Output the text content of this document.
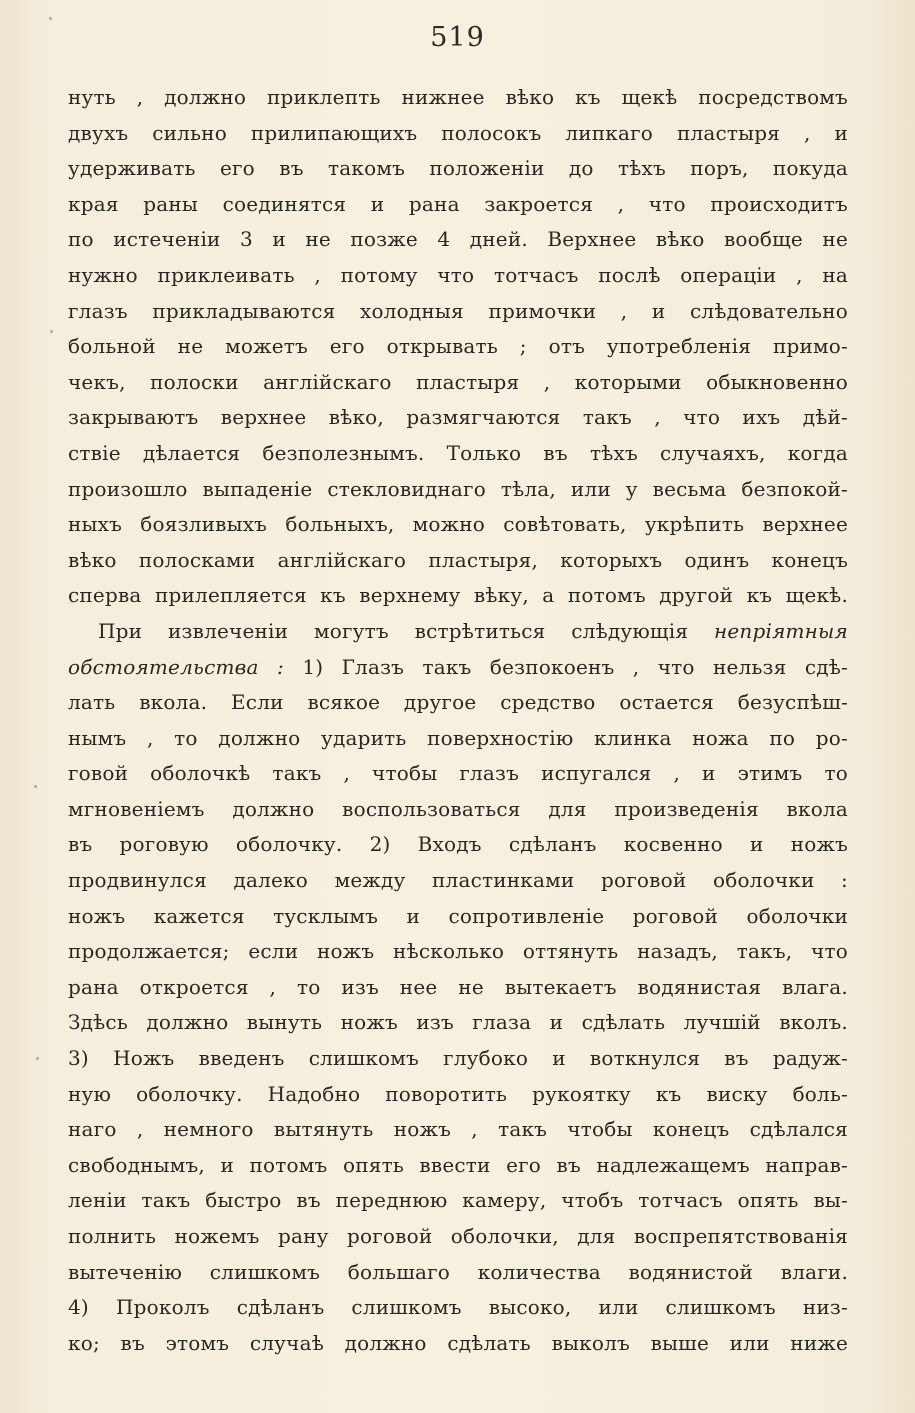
519
нуть , должно приклепть нижнее вѣко къ щекѣ посредствомъ
двухъ сильно прилипающихъ полосокъ липкаго пластыря , и
удерживать его въ такомъ положенiи до тѣхъ поръ, покуда
края раны соединятся и рана закроется , что происходитъ
по истеченiи 3 и не позже 4 дней. Верхнее вѣко вообще не
нужно приклеивать , потому что тотчасъ послѣ операцiи , на
глазъ прикладываются холодныя примочки , и слѣдовательно
больной не можетъ его открывать ; отъ употребленiя примо-
чекъ, полоски англiйскаго пластыря , которыми обыкновенно
закрываютъ верхнее вѣко, размягчаются такъ , что ихъ дѣй-
ствiе дѣлается безполезнымъ. Только въ тѣхъ случаяхъ, когда
произошло выпаденiе стекловиднаго тѣла, или у весьма безпокой-
ныхъ боязливыхъ больныхъ, можно совѣтовать, укрѣпить верхнее
вѣко полосками англiйскаго пластыря, которыхъ одинъ конецъ
сперва прилепляется къ верхнему вѣку, а потомъ другой къ щекѣ.
При извлеченiи могутъ встрѣтиться слѣдующiя непрiятныя
обстоятельства : 1) Глазъ такъ безпокоенъ , что нельзя сдѣ-
лать вкола. Если всякое другое средство остается безуспѣш-
нымъ , то должно ударить поверхностiю клинка ножа по ро-
говой оболочкѣ такъ , чтобы глазъ испугался , и этимъ то
мгновенiемъ должно воспользоваться для произведенiя вкола
въ роговую оболочку. 2) Входъ сдѣланъ косвенно и ножъ
продвинулся далеко между пластинками роговой оболочки :
ножъ кажется тусклымъ и сопротивленiе роговой оболочки
продолжается; если ножъ нѣсколько оттянуть назадъ, такъ, что
рана откроется , то изъ нее не вытекаетъ водянистая влага.
Здѣсь должно вынуть ножъ изъ глаза и сдѣлать лучшiй вколъ.
3) Ножъ введенъ слишкомъ глубоко и воткнулся въ радуж-
ную оболочку. Надобно поворотить рукоятку къ виску боль-
наго , немного вытянуть ножъ , такъ чтобы конецъ сдѣлался
свободнымъ, и потомъ опять ввести его въ надлежащемъ направ-
ленiи такъ быстро въ переднюю камеру, чтобъ тотчасъ опять вы-
полнить ножемъ рану роговой оболочки, для воспрепятствованiя
вытеченiю слишкомъ большаго количества водянистой влаги.
4) Проколъ сдѣланъ слишкомъ высоко, или слишкомъ низ-
ко; въ этомъ случаѣ должно сдѣлать выколъ выше или ниже
